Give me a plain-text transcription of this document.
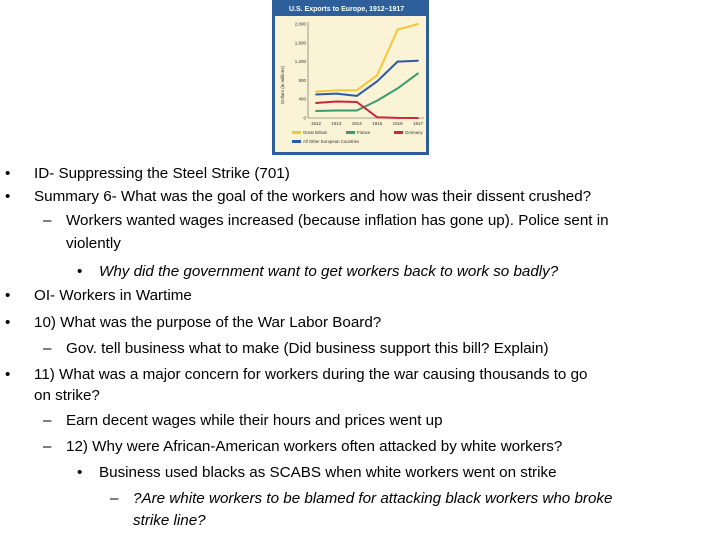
U.S. Exports to Europe, 1912–1917
Dollars (in millions)
0
400
800
1,200
1,600
2,000
1912 1913 1914 1915 1916 1917
Great Britain	France	Germany
All Other European Countries
• ID- Suppressing the Steel Strike (701)
• Summary 6- What was the goal of the workers and how was their dissent crushed?
– Workers wanted wages increased (because inflation has gone up). Police sent in
violently
• Why did the government want to get workers back to work so badly?
• OI- Workers in Wartime
• 10) What was the purpose of the War Labor Board?
– Gov. tell business what to make (Did business support this bill? Explain)
• 11) What was a major concern for workers during the war causing thousands to go
on strike?
– Earn decent wages while their hours and prices went up
– 12) Why were African-American workers often attacked by white workers?
• Business used blacks as SCABS when white workers went on strike
– ?Are white workers to be blamed for attacking black workers who broke
strike line?
